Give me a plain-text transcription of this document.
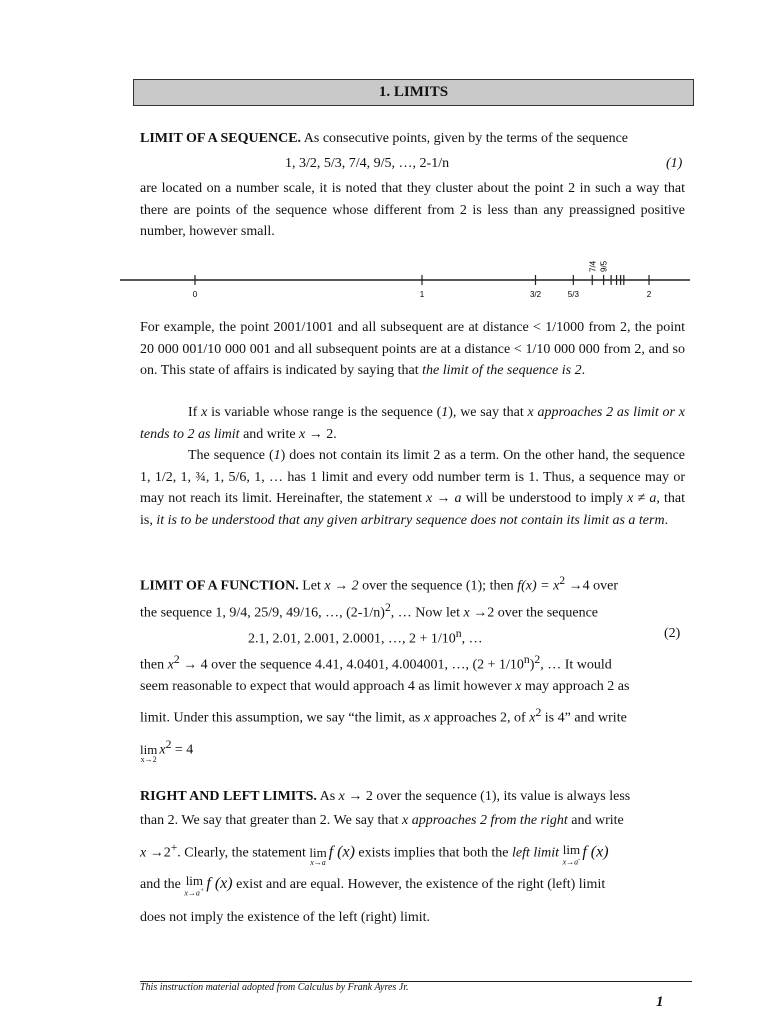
1. LIMITS
LIMIT OF A SEQUENCE. As consecutive points, given by the terms of the sequence
1, 3/2, 5/3, 7/4, 9/5, …, 2-1/n	(1)
are located on a number scale, it is noted that they cluster about the point 2 in such a way that there are points of the sequence whose different from 2 is less than any preassigned positive number, however small.
0	1	3/2	5/3
7/4 9/5
2
For example, the point 2001/1001 and all subsequent are at distance < 1/1000 from 2, the point 20 000 001/10 000 001 and all subsequent points are at a distance < 1/10 000 000 from 2, and so on. This state of affairs is indicated by saying that the limit of the sequence is 2.
If x is variable whose range is the sequence (1), we say that x approaches 2 as limit or x tends to 2 as limit and write x → 2.
The sequence (1) does not contain its limit 2 as a term. On the other hand, the sequence 1, 1/2, 1, ¾, 1, 5/6, 1, … has 1 limit and every odd number term is 1. Thus, a sequence may or may not reach its limit. Hereinafter, the statement x → a will be understood to imply x ≠ a, that is, it is to be understood that any given arbitrary sequence does not contain its limit as a term.
LIMIT OF A FUNCTION. Let x → 2 over the sequence (1); then $f(x) = x^2 \to 4$ over
the sequence 1, 9/4, 25/9, 49/16, …, $(2-1/n)^2$, … Now let x →2 over the sequence
2.1, 2.01, 2.001, 2.0001, …, $2 + 1/10^n$, …	(2)
then $x^2 \to 4$ over the sequence 4.41, 4.0401, 4.004001, …, $(2 + 1/10^n)^2$, … It would
seem reasonable to expect that would approach 4 as limit however x may approach 2 as
limit. Under this assumption, we say “the limit, as x approaches 2, of $x^2$ is 4” and write
lim
x→2
$x^2 = 4$
RIGHT AND LEFT LIMITS. As x → 2 over the sequence (1), its value is always less
than 2. We say that greater than 2. We say that x approaches 2 from the right and write
x →2+. Clearly, the statement lim
x→a
f (x) exists implies that both the left limit lim
x→a- f (x)
and the lim
x→a+ f (x) exist and are equal. However, the existence of the right (left) limit
does not imply the existence of the left (right) limit.
This instruction material adopted from Calculus by Frank Ayres Jr.
1
